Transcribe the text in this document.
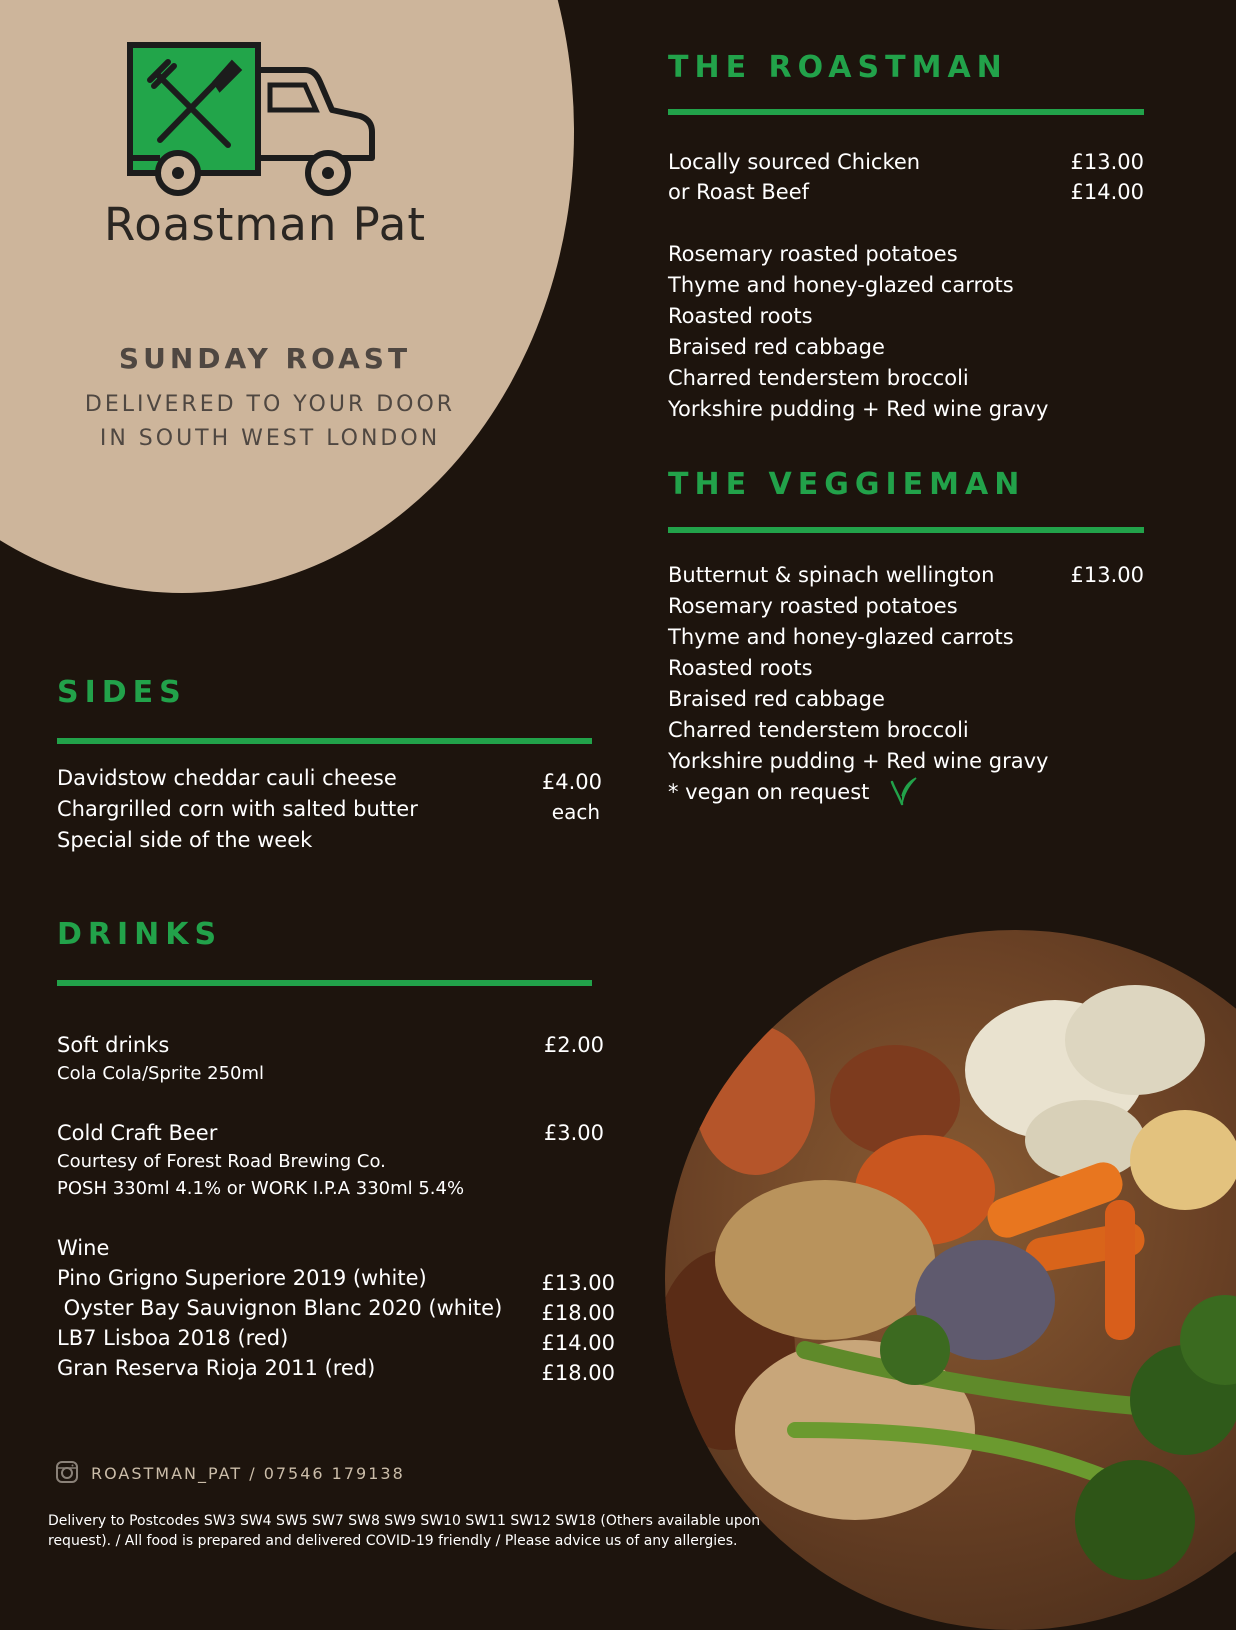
Roastman Pat
SUNDAY ROAST
DELIVERED TO YOUR DOOR
IN SOUTH WEST LONDON
THE ROASTMAN
Locally sourced Chicken	£13.00
or Roast Beef	£14.00
Rosemary roasted potatoes
Thyme and honey-glazed carrots
Roasted roots
Braised red cabbage
Charred tenderstem broccoli
Yorkshire pudding + Red wine gravy
THE VEGGIEMAN
Butternut & spinach wellington	£13.00
Rosemary roasted potatoes
Thyme and honey-glazed carrots
Roasted roots
Braised red cabbage
Charred tenderstem broccoli
Yorkshire pudding + Red wine gravy
* vegan on request
SIDES
Davidstow cheddar cauli cheese
Chargrilled corn with salted butter
Special side of the week
£4.00
each
DRINKS
Soft drinks	£2.00
Cola Cola/Sprite 250ml
Cold Craft Beer	£3.00
Courtesy of Forest Road Brewing Co.
POSH 330ml 4.1% or WORK I.P.A 330ml 5.4%
Wine
Pino Grigno Superiore 2019 (white)	£13.00
Oyster Bay Sauvignon Blanc 2020 (white)	£18.00
LB7 Lisboa 2018 (red)	£14.00
Gran Reserva Rioja 2011 (red)	£18.00
ROASTMAN_PAT / 07546 179138
Delivery to Postcodes SW3 SW4 SW5 SW7 SW8 SW9 SW10 SW11 SW12 SW18 (Others available upon
request). / All food is prepared and delivered COVID-19 friendly / Please advice us of any allergies.
